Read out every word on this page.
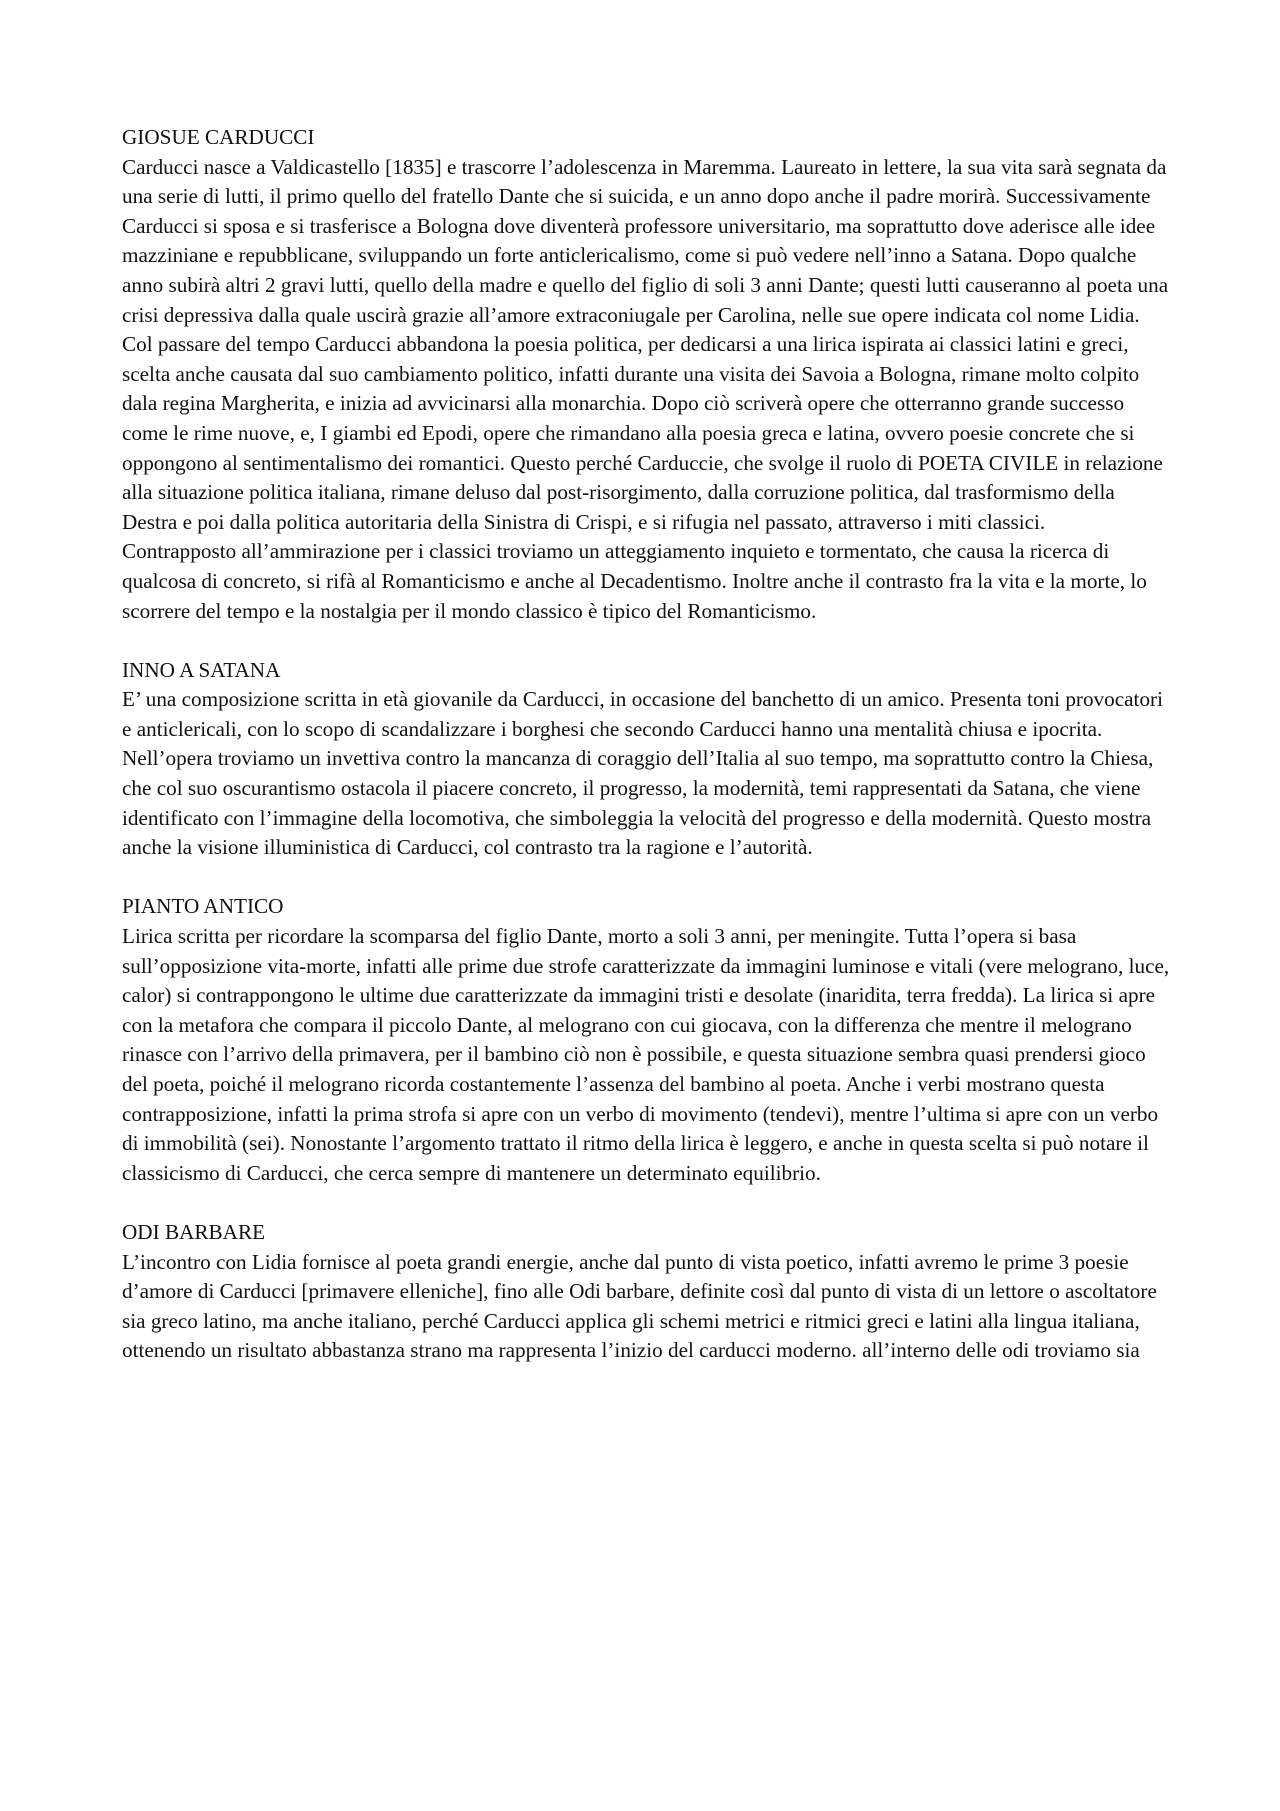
GIOSUE CARDUCCI

Carducci nasce a Valdicastello [1835] e trascorre l’adolescenza in Maremma. Laureato in lettere, la sua vita sarà segnata da una serie di lutti, il primo quello del fratello Dante che si suicida, e un anno dopo anche il padre morirà. Successivamente Carducci si sposa e si trasferisce a Bologna dove diventerà professore universitario, ma soprattutto dove aderisce alle idee mazziniane e repubblicane, sviluppando un forte anticlericalismo, come si può vedere nell’inno a Satana. Dopo qualche anno subirà altri 2 gravi lutti, quello della madre e quello del figlio di soli 3 anni Dante; questi lutti causeranno al poeta una crisi depressiva dalla quale uscirà grazie all’amore extraconiugale per Carolina, nelle sue opere indicata col nome Lidia. Col passare del tempo Carducci abbandona la poesia politica, per dedicarsi a una lirica ispirata ai classici latini e greci, scelta anche causata dal suo cambiamento politico, infatti durante una visita dei Savoia a Bologna, rimane molto colpito dala regina Margherita, e inizia ad avvicinarsi alla monarchia. Dopo ciò scriverà opere che otterranno grande successo come le rime nuove, e, I giambi ed Epodi, opere che rimandano alla poesia greca e latina, ovvero poesie concrete che si oppongono al sentimentalismo dei romantici. Questo perché Carduccie, che svolge il ruolo di POETA CIVILE in relazione alla situazione politica italiana, rimane deluso dal post-risorgimento, dalla corruzione politica, dal trasformismo della Destra e poi dalla politica autoritaria della Sinistra di Crispi, e si rifugia nel passato, attraverso i miti classici.

Contrapposto all’ammirazione per i classici troviamo un atteggiamento inquieto e tormentato, che causa la ricerca di qualcosa di concreto, si rifà al Romanticismo e anche al Decadentismo. Inoltre anche il contrasto fra la vita e la morte, lo scorrere del tempo e la nostalgia per il mondo classico è tipico del Romanticismo.

INNO A SATANA

E’ una composizione scritta in età giovanile da Carducci, in occasione del banchetto di un amico. Presenta toni provocatori e anticlericali, con lo scopo di scandalizzare i borghesi che secondo Carducci hanno una mentalità chiusa e ipocrita. Nell’opera troviamo un invettiva contro la mancanza di coraggio dell’Italia al suo tempo, ma soprattutto contro la Chiesa, che col suo oscurantismo ostacola il piacere concreto, il progresso, la modernità, temi rappresentati da Satana, che viene identificato con l’immagine della locomotiva, che simboleggia la velocità del progresso e della modernità. Questo mostra anche la visione illuministica di Carducci, col contrasto tra la ragione e l’autorità.

PIANTO ANTICO

Lirica scritta per ricordare la scomparsa del figlio Dante, morto a soli 3 anni, per meningite. Tutta l’opera si basa sull’opposizione vita-morte, infatti alle prime due strofe caratterizzate da immagini luminose e vitali (vere melograno, luce, calor) si contrappongono le ultime due caratterizzate da immagini tristi e desolate (inaridita, terra fredda). La lirica si apre con la metafora che compara il piccolo Dante, al melograno con cui giocava, con la differenza che mentre il melograno rinasce con l’arrivo della primavera, per il bambino ciò non è possibile, e questa situazione sembra quasi prendersi gioco del poeta, poiché il melograno ricorda costantemente l’assenza del bambino al poeta. Anche i verbi mostrano questa contrapposizione, infatti la prima strofa si apre con un verbo di movimento (tendevi), mentre l’ultima si apre con un verbo di immobilità (sei). Nonostante l’argomento trattato il ritmo della lirica è leggero, e anche in questa scelta si può notare il classicismo di Carducci, che cerca sempre di mantenere un determinato equilibrio.

ODI BARBARE

L’incontro con Lidia fornisce al poeta grandi energie, anche dal punto di vista poetico, infatti avremo le prime 3 poesie d’amore di Carducci [primavere elleniche], fino alle Odi barbare, definite così dal punto di vista di un lettore o ascoltatore sia greco latino, ma anche italiano, perché Carducci applica gli schemi metrici e ritmici greci e latini alla lingua italiana, ottenendo un risultato abbastanza strano ma rappresenta l’inizio del carducci moderno. all’interno delle odi troviamo sia
